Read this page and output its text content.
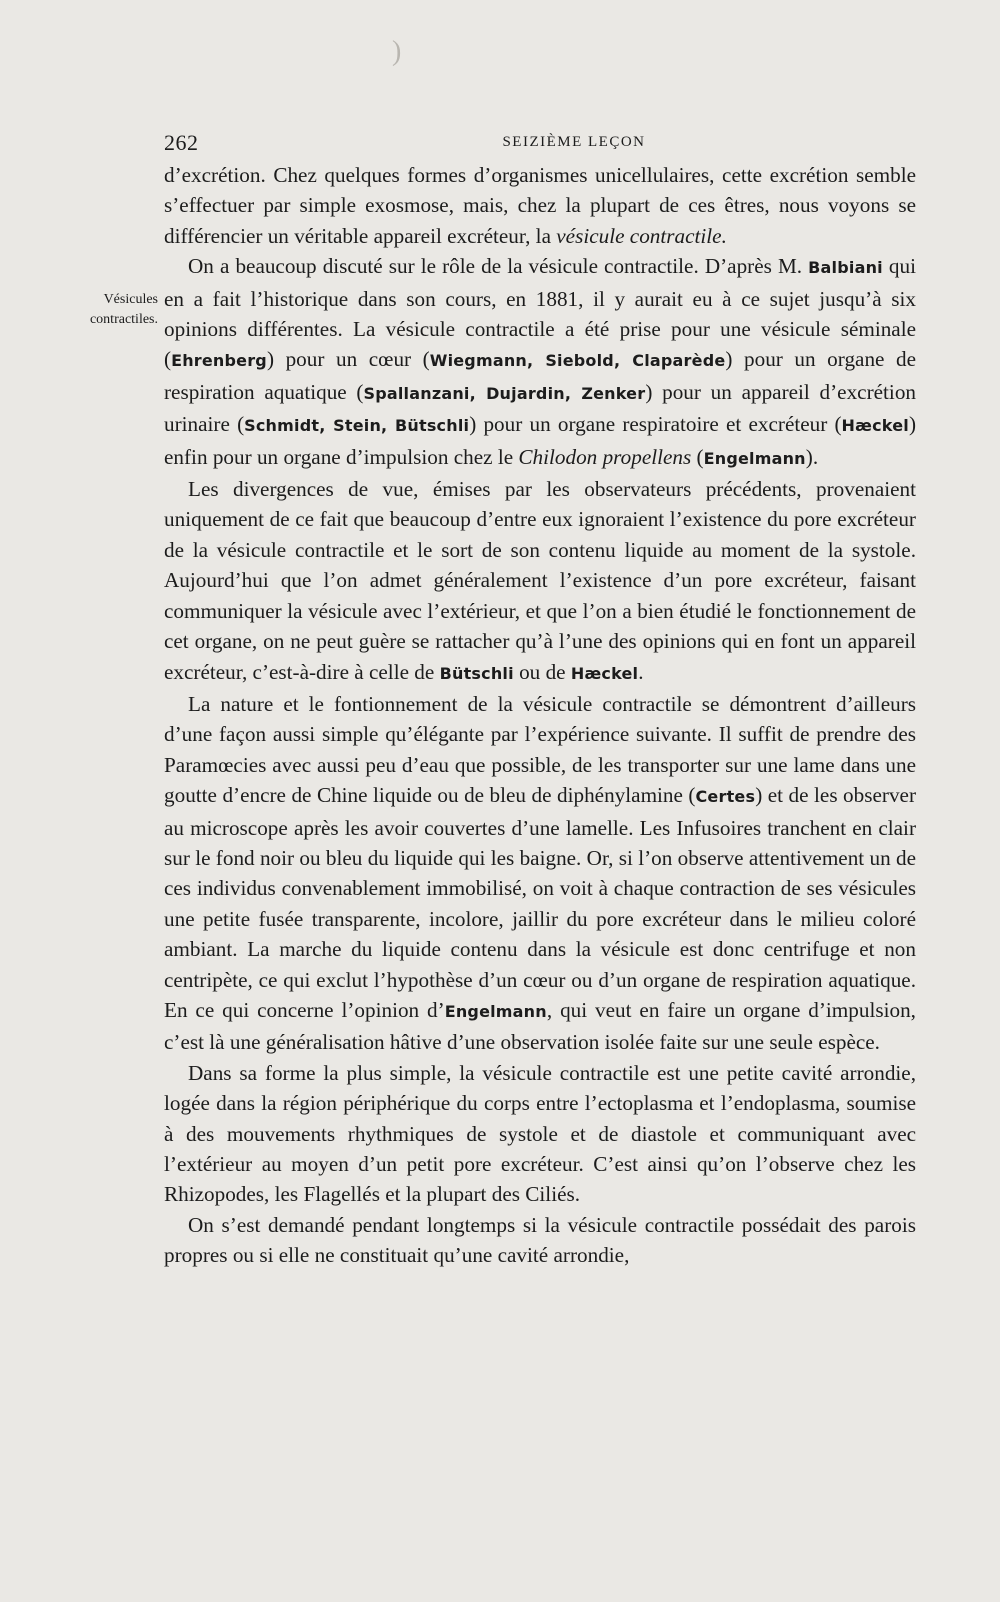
)
262	SEIZIÈME LEÇON
Vésicules
contractiles.

d’excrétion. Chez quelques formes d’organismes unicellulaires, cette excrétion semble s’effectuer par simple exosmose, mais, chez la plupart de ces êtres, nous voyons se différencier un véritable appareil excréteur, la vésicule contractile.

On a beaucoup discuté sur le rôle de la vésicule contractile. D’après M. Balbiani qui en a fait l’historique dans son cours, en 1881, il y aurait eu à ce sujet jusqu’à six opinions différentes. La vésicule contractile a été prise pour une vésicule séminale (Ehrenberg) pour un cœur (Wiegmann, Siebold, Claparède) pour un organe de respiration aquatique (Spallanzani, Dujardin, Zenker) pour un appareil d’excrétion urinaire (Schmidt, Stein, Bütschli) pour un organe respiratoire et excréteur (Hæckel) enfin pour un organe d’impulsion chez le Chilodon propellens (Engelmann).

Les divergences de vue, émises par les observateurs précédents, provenaient uniquement de ce fait que beaucoup d’entre eux ignoraient l’existence du pore excréteur de la vésicule contractile et le sort de son contenu liquide au moment de la systole. Aujourd’hui que l’on admet généralement l’existence d’un pore excréteur, faisant communiquer la vésicule avec l’extérieur, et que l’on a bien étudié le fonctionnement de cet organe, on ne peut guère se rattacher qu’à l’une des opinions qui en font un appareil excréteur, c’est-à-dire à celle de Bütschli ou de Hæckel.

La nature et le fontionnement de la vésicule contractile se démontrent d’ailleurs d’une façon aussi simple qu’élégante par l’expérience suivante. Il suffit de prendre des Paramœcies avec aussi peu d’eau que possible, de les transporter sur une lame dans une goutte d’encre de Chine liquide ou de bleu de diphénylamine (Certes) et de les observer au microscope après les avoir couvertes d’une lamelle. Les Infusoires tranchent en clair sur le fond noir ou bleu du liquide qui les baigne. Or, si l’on observe attentivement un de ces individus convenablement immobilisé, on voit à chaque contraction de ses vésicules une petite fusée transparente, incolore, jaillir du pore excréteur dans le milieu coloré ambiant. La marche du liquide contenu dans la vésicule est donc centrifuge et non centripète, ce qui exclut l’hypothèse d’un cœur ou d’un organe de respiration aquatique. En ce qui concerne l’opinion d’Engelmann, qui veut en faire un organe d’impulsion, c’est là une généralisation hâtive d’une observation isolée faite sur une seule espèce.

Dans sa forme la plus simple, la vésicule contractile est une petite cavité arrondie, logée dans la région périphérique du corps entre l’ectoplasma et l’endoplasma, soumise à des mouvements rhythmiques de systole et de diastole et communiquant avec l’extérieur au moyen d’un petit pore excréteur. C’est ainsi qu’on l’observe chez les Rhizopodes, les Flagellés et la plupart des Ciliés.

On s’est demandé pendant longtemps si la vésicule contractile possédait des parois propres ou si elle ne constituait qu’une cavité arrondie,
